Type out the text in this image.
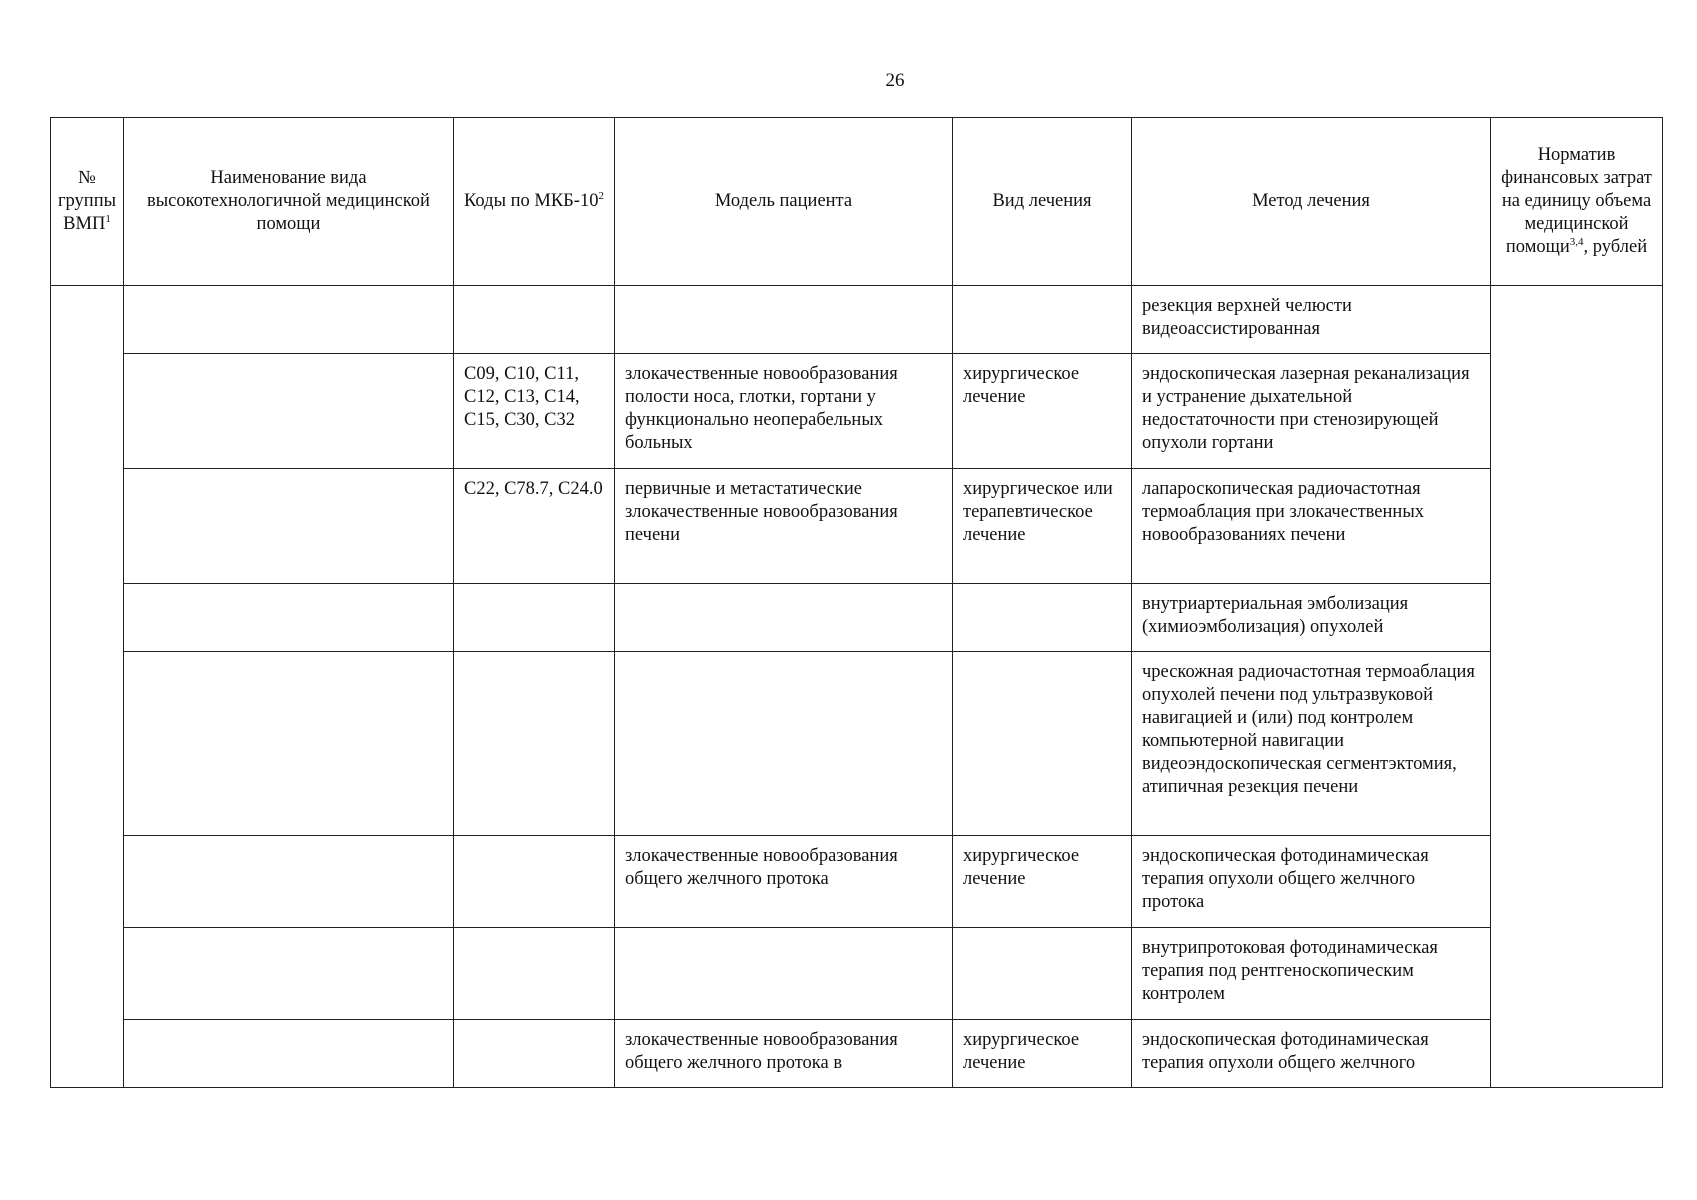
26
№ группы ВМП$^1$	Наименование вида высокотехнологичной медицинской помощи	Коды по МКБ-$10^2$	Модель пациента	Вид лечения	Метод лечения	Норматив финансовых затрат на единицу объема медицинской помощи$^{3,4}$, рублей
					резекция верхней челюсти видеоассистированная	
		C09, C10, C11, C12, C13, C14, C15, C30, C32	злокачественные новообразования полости носа, глотки, гортани у функционально неоперабельных больных	хирургическое лечение	эндоскопическая лазерная реканализация и устранение дыхательной недостаточности при стенозирующей опухоли гортани	
		C22, C78.7, C24.0	первичные и метастатические злокачественные новообразования печени	хирургическое или терапевтическое лечение	лапароскопическая радиочастотная термоаблация при злокачественных новообразованиях печени	
					внутриартериальная эмболизация (химиоэмболизация) опухолей	
					чрескожная радиочастотная термоаблация опухолей печени под ультразвуковой навигацией и (или) под контролем компьютерной навигации видеоэндоскопическая сегментэктомия, атипичная резекция печени	
			злокачественные новообразования общего желчного протока	хирургическое лечение	эндоскопическая фотодинамическая терапия опухоли общего желчного протока	
					внутрипротоковая фотодинамическая терапия под рентгеноскопическим контролем	
			злокачественные новообразования общего желчного протока в	хирургическое лечение	эндоскопическая фотодинамическая терапия опухоли общего желчного	
